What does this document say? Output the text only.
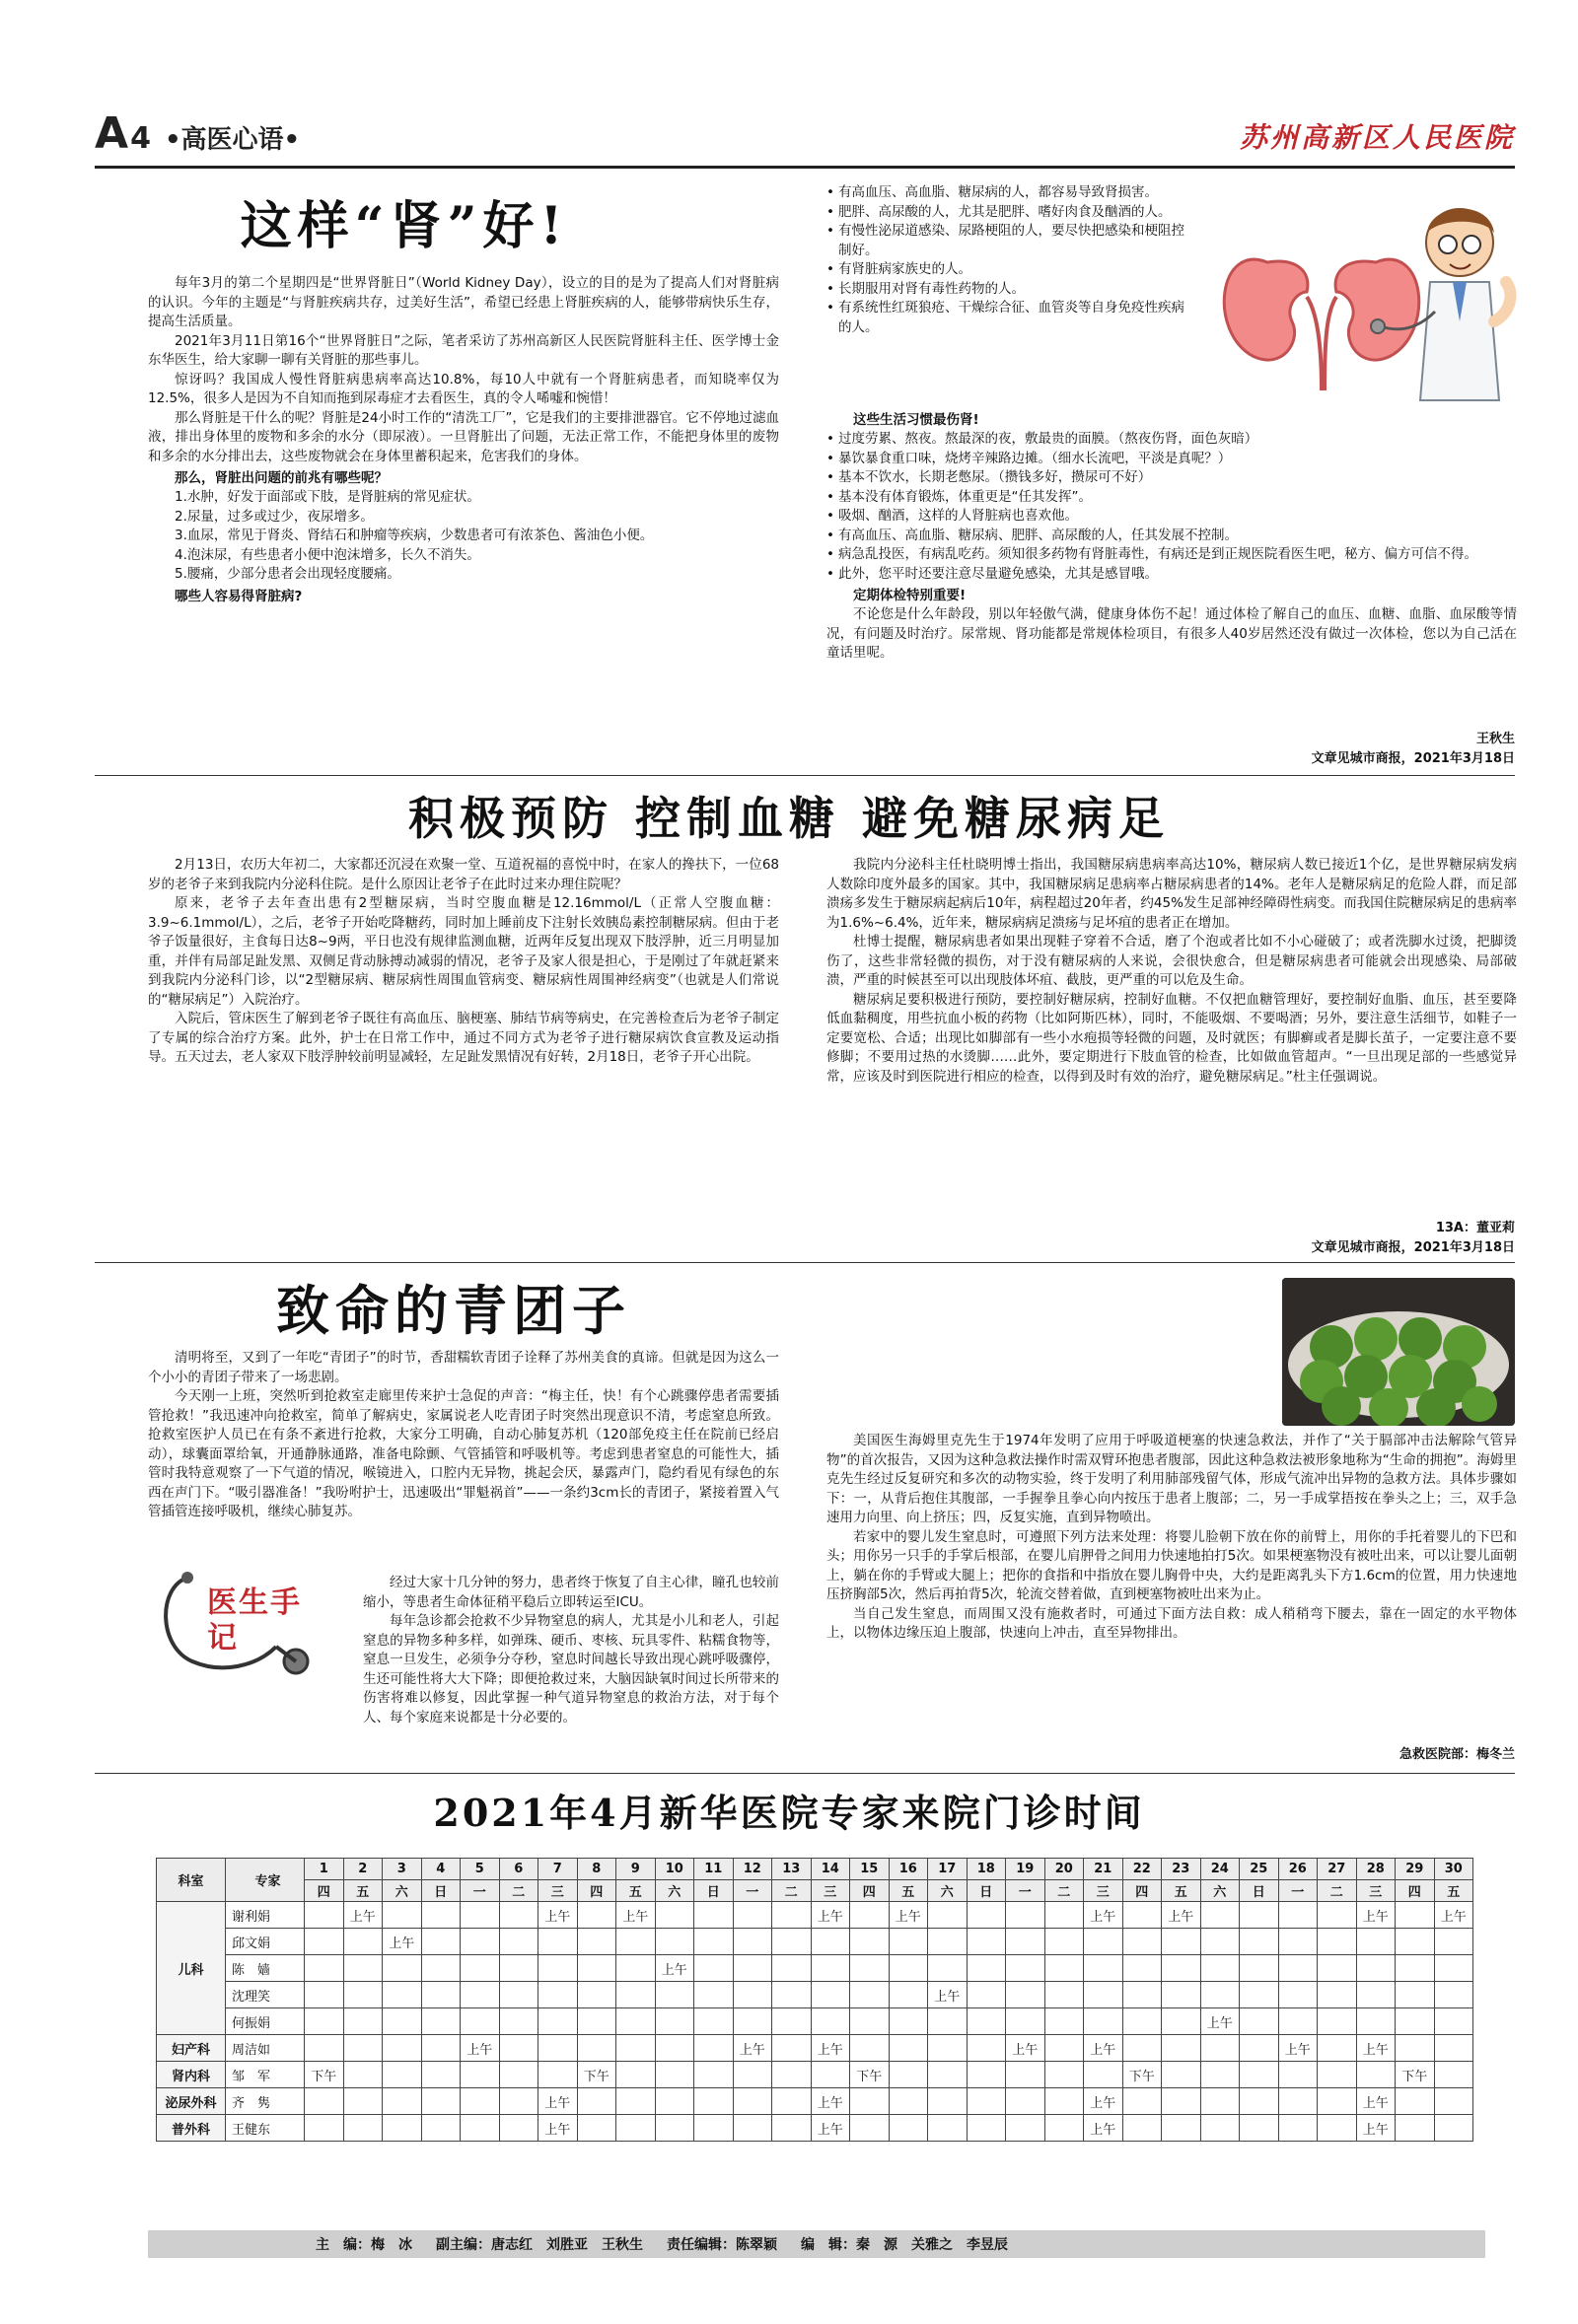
A 4 •高医心语•	苏州高新区人民医院
这样“肾”好!

每年3月的第二个星期四是“世界肾脏日”（World Kidney Day），设立的目的是为了提高人们对肾脏病的认识。今年的主题是“与肾脏疾病共存，过美好生活”，希望已经患上肾脏疾病的人，能够带病快乐生存，提高生活质量。

2021年3月11日第16个“世界肾脏日”之际，笔者采访了苏州高新区人民医院肾脏科主任、医学博士金东华医生，给大家聊一聊有关肾脏的那些事儿。

惊讶吗？我国成人慢性肾脏病患病率高达10.8%，每10人中就有一个肾脏病患者，而知晓率仅为12.5%，很多人是因为不自知而拖到尿毒症才去看医生，真的令人唏嘘和惋惜！

那么肾脏是干什么的呢？肾脏是24小时工作的“清洗工厂”，它是我们的主要排泄器官。它不停地过滤血液，排出身体里的废物和多余的水分（即尿液）。一旦肾脏出了问题，无法正常工作，不能把身体里的废物和多余的水分排出去，这些废物就会在身体里蓄积起来，危害我们的身体。

那么，肾脏出问题的前兆有哪些呢？

1.水肿，好发于面部或下肢，是肾脏病的常见症状。

2.尿量，过多或过少，夜尿增多。

3.血尿，常见于肾炎、肾结石和肿瘤等疾病，少数患者可有浓茶色、酱油色小便。

4.泡沫尿，有些患者小便中泡沫增多，长久不消失。

5.腰痛，少部分患者会出现轻度腰痛。

哪些人容易得肾脏病?

• 有高血压、高血脂、糖尿病的人，都容易导致肾损害。

• 肥胖、高尿酸的人，尤其是肥胖、嗜好肉食及酗酒的人。

• 有慢性泌尿道感染、尿路梗阻的人，要尽快把感染和梗阻控制好。

• 有肾脏病家族史的人。

• 长期服用对肾有毒性药物的人。

• 有系统性红斑狼疮、干燥综合征、血管炎等自身免疫性疾病的人。

这些生活习惯最伤肾!

• 过度劳累、熬夜。熬最深的夜，敷最贵的面膜。（熬夜伤肾，面色灰暗）

• 暴饮暴食重口味，烧烤辛辣路边摊。（细水长流吧，平淡是真呢？）

• 基本不饮水，长期老憋尿。（攒钱多好，攒尿可不好）

• 基本没有体育锻炼，体重更是“任其发挥”。

• 吸烟、酗酒，这样的人肾脏病也喜欢他。

• 有高血压、高血脂、糖尿病、肥胖、高尿酸的人，任其发展不控制。

• 病急乱投医，有病乱吃药。须知很多药物有肾脏毒性，有病还是到正规医院看医生吧，秘方、偏方可信不得。

• 此外，您平时还要注意尽量避免感染，尤其是感冒哦。

定期体检特别重要!

不论您是什么年龄段，别以年轻傲气满，健康身体伤不起！通过体检了解自己的血压、血糖、血脂、血尿酸等情况，有问题及时治疗。尿常规、肾功能都是常规体检项目，有很多人40岁居然还没有做过一次体检，您以为自己活在童话里呢。

王秋生
文章见城市商报，2021年3月18日
积极预防 控制血糖 避免糖尿病足

2月13日，农历大年初二，大家都还沉浸在欢聚一堂、互道祝福的喜悦中时，在家人的搀扶下，一位68岁的老爷子来到我院内分泌科住院。是什么原因让老爷子在此时过来办理住院呢？

原来，老爷子去年查出患有2型糖尿病，当时空腹血糖是12.16mmol/L（正常人空腹血糖：3.9~6.1mmol/L），之后，老爷子开始吃降糖药，同时加上睡前皮下注射长效胰岛素控制糖尿病。但由于老爷子饭量很好，主食每日达8~9两，平日也没有规律监测血糖，近两年反复出现双下肢浮肿，近三月明显加重，并伴有局部足趾发黑、双侧足背动脉搏动减弱的情况，老爷子及家人很是担心，于是刚过了年就赶紧来到我院内分泌科门诊，以“2型糖尿病、糖尿病性周围血管病变、糖尿病性周围神经病变”（也就是人们常说的“糖尿病足”）入院治疗。

入院后，管床医生了解到老爷子既往有高血压、脑梗塞、肺结节病等病史，在完善检查后为老爷子制定了专属的综合治疗方案。此外，护士在日常工作中，通过不同方式为老爷子进行糖尿病饮食宣教及运动指导。五天过去，老人家双下肢浮肿较前明显减轻，左足趾发黑情况有好转，2月18日，老爷子开心出院。

我院内分泌科主任杜晓明博士指出，我国糖尿病患病率高达10%，糖尿病人数已接近1个亿，是世界糖尿病发病人数除印度外最多的国家。其中，我国糖尿病足患病率占糖尿病患者的14%。老年人是糖尿病足的危险人群，而足部溃疡多发生于糖尿病起病后10年，病程超过20年者，约45%发生足部神经障碍性病变。而我国住院糖尿病足的患病率为1.6%~6.4%，近年来，糖尿病病足溃疡与足坏疽的患者正在增加。

杜博士提醒，糖尿病患者如果出现鞋子穿着不合适，磨了个泡或者比如不小心碰破了；或者洗脚水过烫，把脚烫伤了，这些非常轻微的损伤，对于没有糖尿病的人来说，会很快愈合，但是糖尿病患者可能就会出现感染、局部破溃，严重的时候甚至可以出现肢体坏疽、截肢，更严重的可以危及生命。

糖尿病足要积极进行预防，要控制好糖尿病，控制好血糖。不仅把血糖管理好，要控制好血脂、血压，甚至要降低血黏稠度，用些抗血小板的药物（比如阿斯匹林），同时，不能吸烟、不要喝酒；另外，要注意生活细节，如鞋子一定要宽松、合适；出现比如脚部有一些小水疱损等轻微的问题，及时就医；有脚癣或者是脚长茧子，一定要注意不要修脚；不要用过热的水烫脚……此外，要定期进行下肢血管的检查，比如做血管超声。“一旦出现足部的一些感觉异常，应该及时到医院进行相应的检查，以得到及时有效的治疗，避免糖尿病足。”杜主任强调说。

13A：董亚莉
文章见城市商报，2021年3月18日
致命的青团子

清明将至，又到了一年吃“青团子”的时节，香甜糯软青团子诠释了苏州美食的真谛。但就是因为这么一个小小的青团子带来了一场悲剧。

今天刚一上班，突然听到抢救室走廊里传来护士急促的声音：“梅主任，快！有个心跳骤停患者需要插管抢救！”我迅速冲向抢救室，简单了解病史，家属说老人吃青团子时突然出现意识不清，考虑窒息所致。抢救室医护人员已在有条不紊进行抢救，大家分工明确，自动心肺复苏机（120部免疫主任在院前已经启动），球囊面罩给氧，开通静脉通路，准备电除颤、气管插管和呼吸机等。考虑到患者窒息的可能性大，插管时我特意观察了一下气道的情况，喉镜进入，口腔内无异物，挑起会厌，暴露声门，隐约看见有绿色的东西在声门下。“吸引器准备！”我吩咐护士，迅速吸出“罪魁祸首”——一条约3cm长的青团子，紧接着置入气管插管连接呼吸机，继续心肺复苏。

医生手记

经过大家十几分钟的努力，患者终于恢复了自主心律，瞳孔也较前缩小，等患者生命体征稍平稳后立即转运至ICU。

每年急诊都会抢救不少异物窒息的病人，尤其是小儿和老人，引起窒息的异物多种多样，如弹珠、硬币、枣核、玩具零件、粘糯食物等，窒息一旦发生，必须争分夺秒，窒息时间越长导致出现心跳呼吸骤停，生还可能性将大大下降；即便抢救过来，大脑因缺氧时间过长所带来的伤害将难以修复，因此掌握一种气道异物窒息的救治方法，对于每个人、每个家庭来说都是十分必要的。

美国医生海姆里克先生于1974年发明了应用于呼吸道梗塞的快速急救法，并作了“关于膈部冲击法解除气管异物”的首次报告，又因为这种急救法操作时需双臂环抱患者腹部，因此这种急救法被形象地称为“生命的拥抱”。海姆里克先生经过反复研究和多次的动物实验，终于发明了利用肺部残留气体，形成气流冲出异物的急救方法。具体步骤如下：一，从背后抱住其腹部，一手握拳且拳心向内按压于患者上腹部；二，另一手成掌捂按在拳头之上；三，双手急速用力向里、向上挤压；四，反复实施，直到异物喷出。

若家中的婴儿发生窒息时，可遵照下列方法来处理：将婴儿脸朝下放在你的前臂上，用你的手托着婴儿的下巴和头；用你另一只手的手掌后根部，在婴儿肩胛骨之间用力快速地拍打5次。如果梗塞物没有被吐出来，可以让婴儿面朝上，躺在你的手臂或大腿上；把你的食指和中指放在婴儿胸骨中央，大约是距离乳头下方1.6cm的位置，用力快速地压挤胸部5次，然后再拍背5次，轮流交替着做，直到梗塞物被吐出来为止。

当自己发生窒息，而周围又没有施救者时，可通过下面方法自救：成人稍稍弯下腰去，靠在一固定的水平物体上，以物体边缘压迫上腹部，快速向上冲击，直至异物排出。

急救医院部：梅冬兰
2021年4月新华医院专家来院门诊时间
科室	专家	1	2	3	4	5	6	7	8	9	10	11	12	13	14	15	16	17	18	19	20	21	22	23	24	25	26	27	28	29	30
		四	五	六	日	一	二	三	四	五	六	日	一	二	三	四	五	六	日	一	二	三	四	五	六	日	一	二	三	四	五
儿科	谢利娟		上午					上午		上午					上午		上午					上午		上午					上午		上午
	邱文娟			上午																											
	陈　嫱										上午																				
	沈理笑																	上午													
	何振娟																								上午						
妇产科	周洁如					上午							上午		上午					上午		上午					上午		上午		
肾内科	邹　军	下午							下午							下午							下午							下午	
泌尿外科	齐　隽							上午							上午							上午							上午		
普外科	王健东							上午							上午							上午							上午		
主　编：梅　冰 副主编：唐志红　刘胜亚　王秋生 责任编辑：陈翠颖 编　辑：秦　源　关雅之　李昱辰
